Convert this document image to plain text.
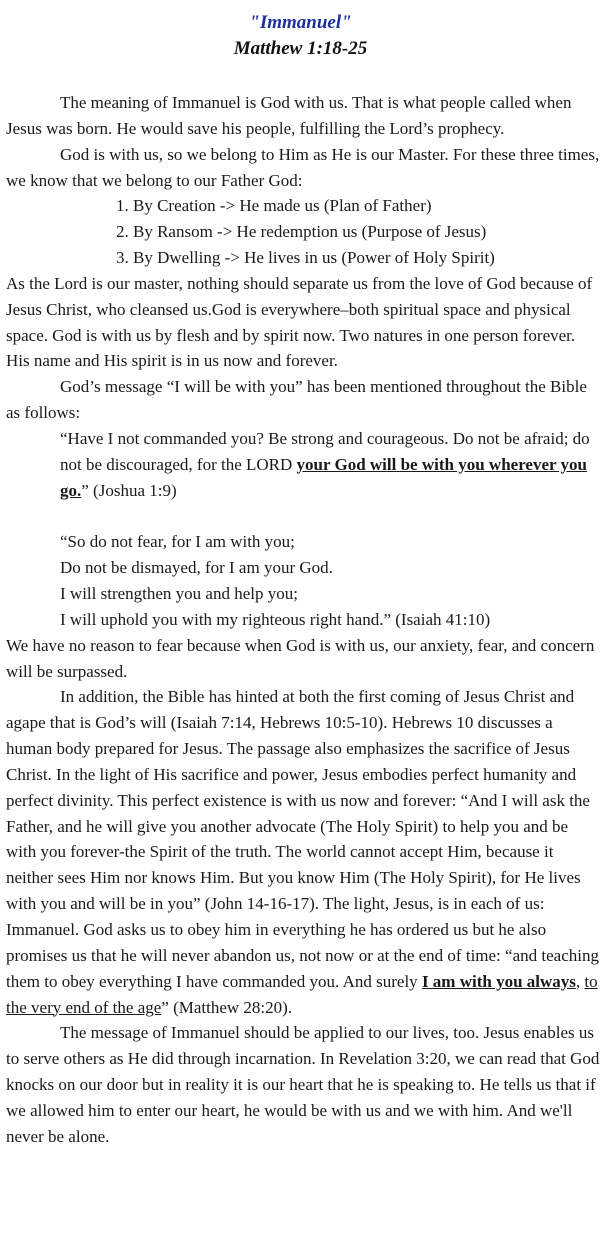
"Immanuel"
Matthew 1:18-25

The meaning of Immanuel is God with us. That is what people called when Jesus was born. He would save his people, fulfilling the Lord’s prophecy.

God is with us, so we belong to Him as He is our Master. For these three times, we know that we belong to our Father God:

1. By Creation -> He made us (Plan of Father)
2. By Ransom -> He redemption us (Purpose of Jesus)
3. By Dwelling -> He lives in us (Power of Holy Spirit)

As the Lord is our master, nothing should separate us from the love of God because of Jesus Christ, who cleansed us.God is everywhere–both spiritual space and physical space. God is with us by flesh and by spirit now. Two natures in one person forever. His name and His spirit is in us now and forever.

God’s message “I will be with you” has been mentioned throughout the Bible as follows:

“Have I not commanded you? Be strong and courageous. Do not be afraid; do not be discouraged, for the LORD your God will be with you wherever you go.” (Joshua 1:9)

“So do not fear, for I am with you;
Do not be dismayed, for I am your God.
I will strengthen you and help you;
I will uphold you with my righteous right hand.” (Isaiah 41:10)

We have no reason to fear because when God is with us, our anxiety, fear, and concern will be surpassed.

In addition, the Bible has hinted at both the first coming of Jesus Christ and agape that is God’s will (Isaiah 7:14, Hebrews 10:5-10). Hebrews 10 discusses a human body prepared for Jesus. The passage also emphasizes the sacrifice of Jesus Christ. In the light of His sacrifice and power, Jesus embodies perfect humanity and perfect divinity. This perfect existence is with us now and forever: “And I will ask the Father, and he will give you another advocate (The Holy Spirit) to help you and be with you forever-the Spirit of the truth. The world cannot accept Him, because it neither sees Him nor knows Him. But you know Him (The Holy Spirit), for He lives with you and will be in you” (John 14-16-17). The light, Jesus, is in each of us: Immanuel. God asks us to obey him in everything he has ordered us but he also promises us that he will never abandon us, not now or at the end of time: “and teaching them to obey everything I have commanded you. And surely I am with you always, to the very end of the age” (Matthew 28:20).

The message of Immanuel should be applied to our lives, too. Jesus enables us to serve others as He did through incarnation. In Revelation 3:20, we can read that God knocks on our door but in reality it is our heart that he is speaking to. He tells us that if we allowed him to enter our heart, he would be with us and we with him. And we'll never be alone.
